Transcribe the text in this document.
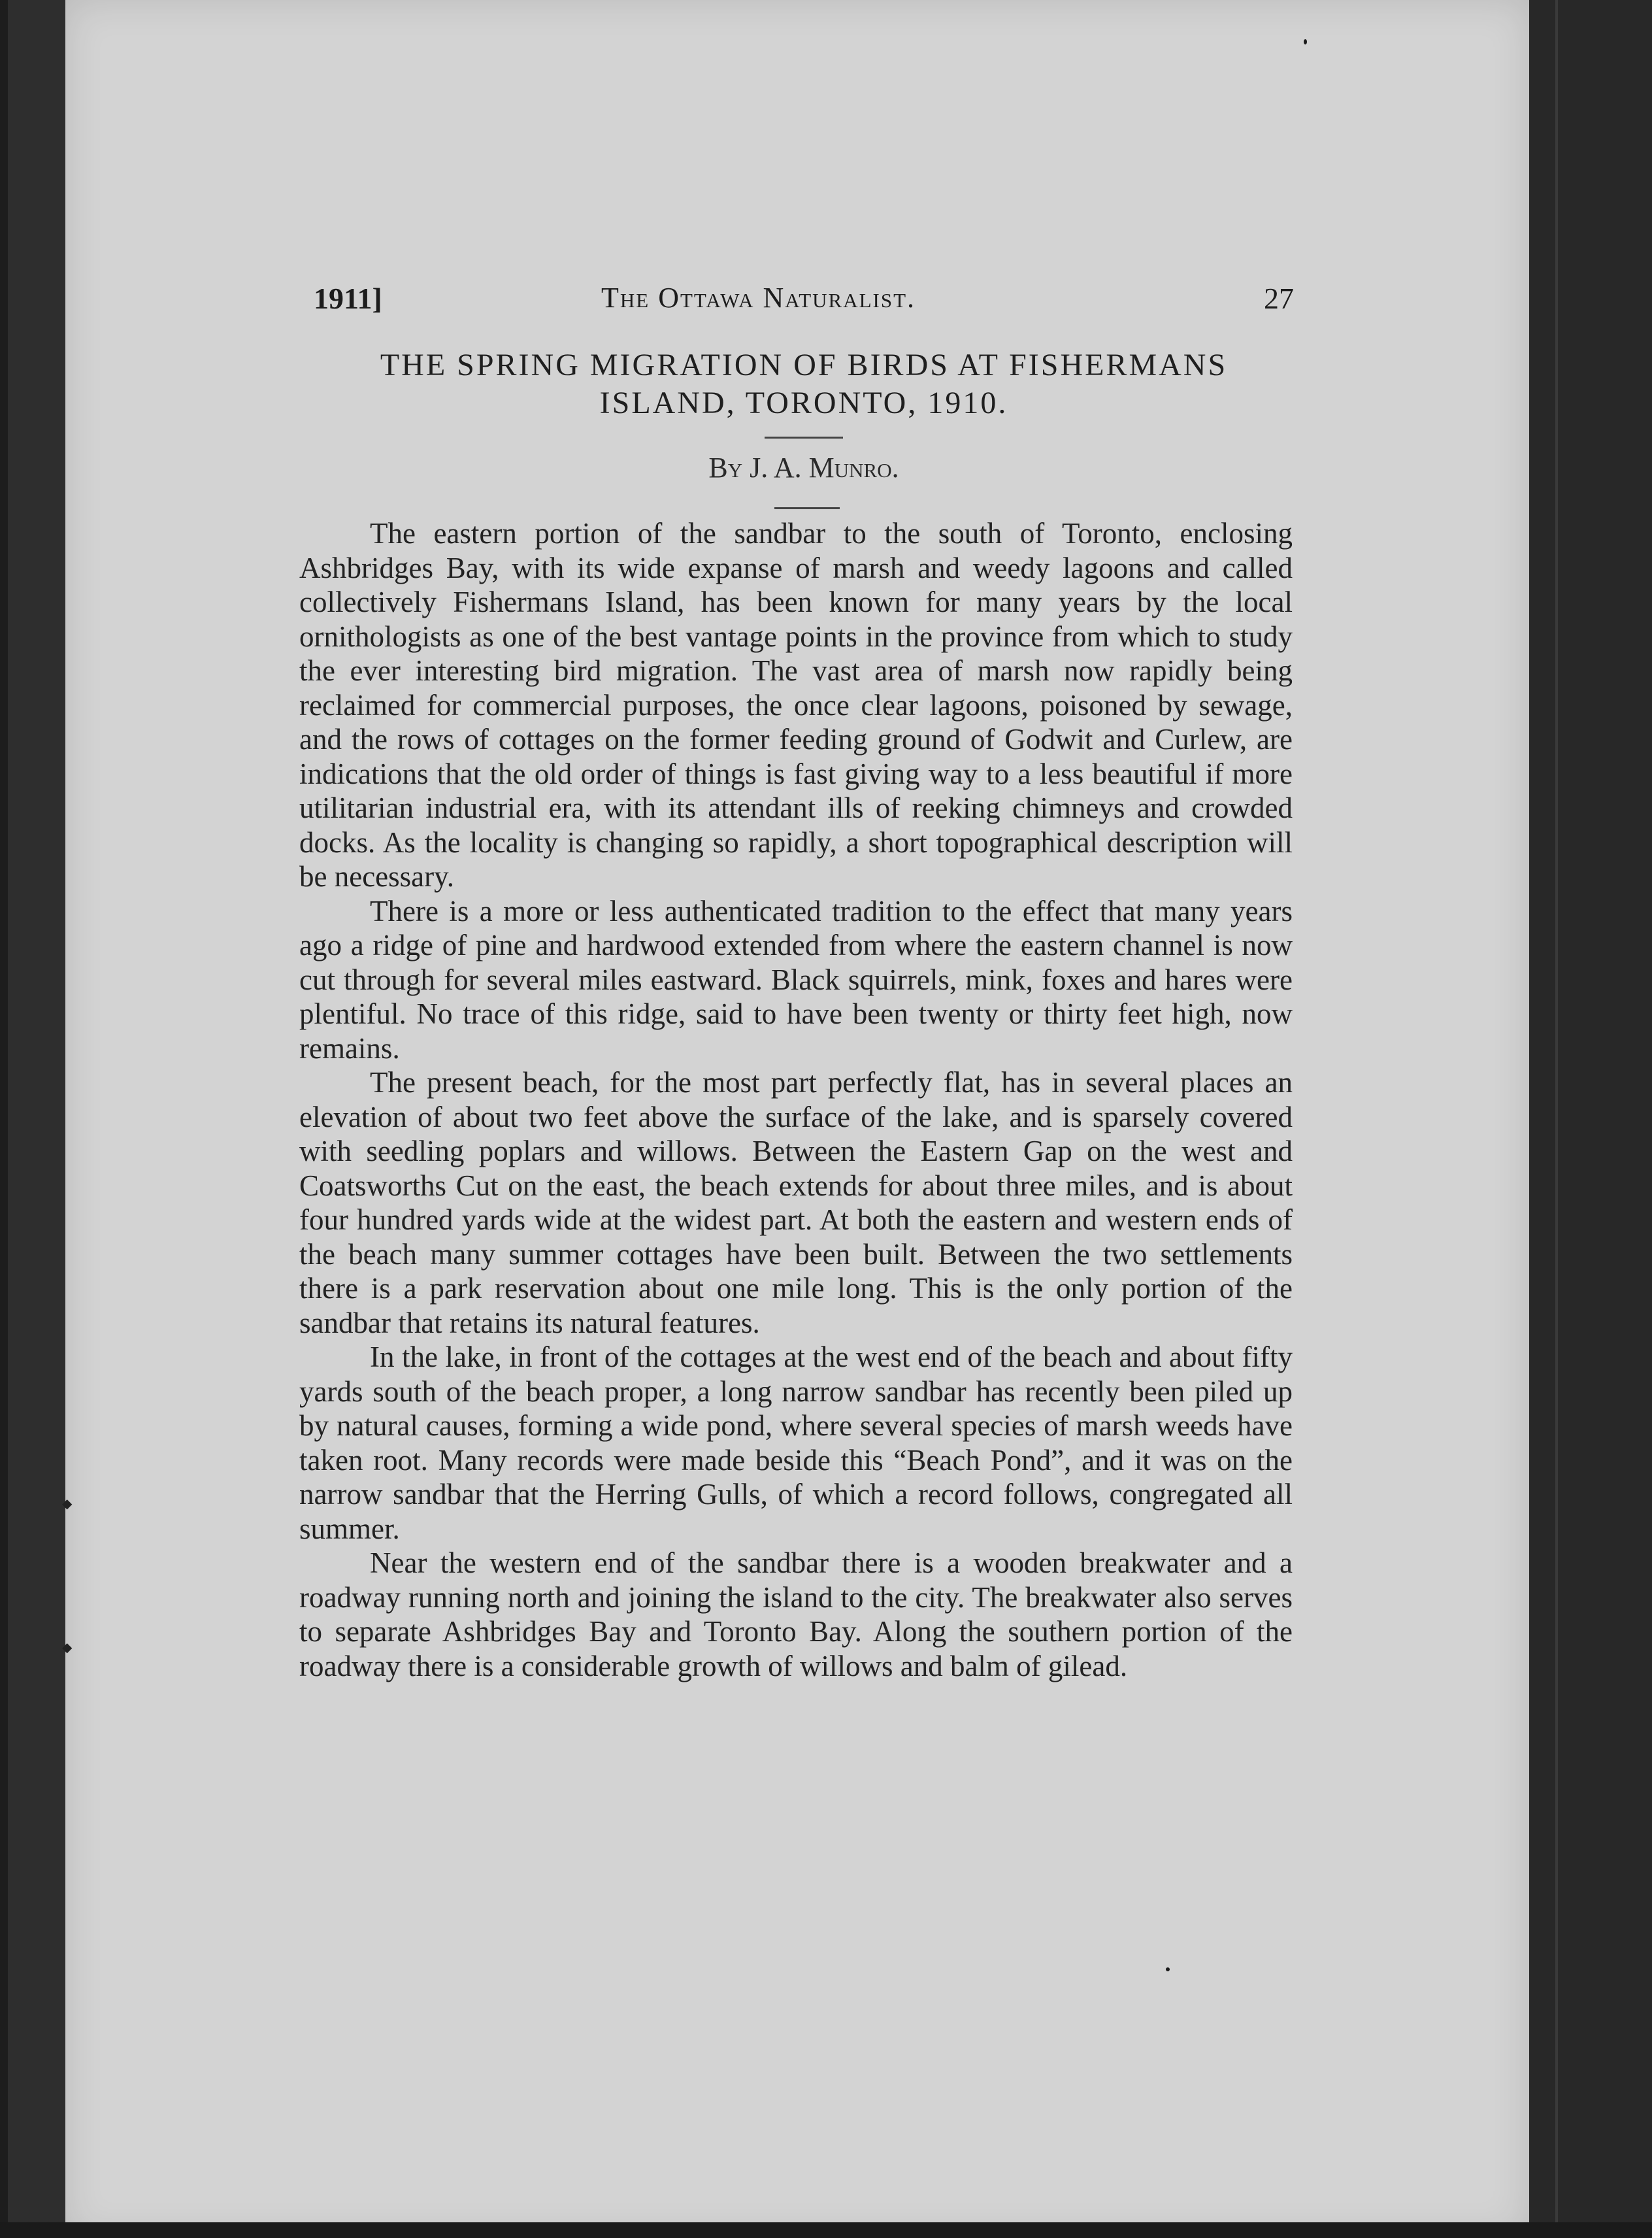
◆
◆
1911]	The Ottawa Naturalist.	27
THE SPRING MIGRATION OF BIRDS AT FISHERMANS
ISLAND, TORONTO, 1910.
By J. A. Munro.

The eastern portion of the sandbar to the south of Toronto, enclosing Ashbridges Bay, with its wide expanse of marsh and weedy lagoons and called collectively Fishermans Island, has been known for many years by the local ornithologists as one of the best vantage points in the province from which to study the ever interesting bird migration. The vast area of marsh now rapidly being reclaimed for commercial purposes, the once clear lagoons, poisoned by sewage, and the rows of cottages on the former feeding ground of Godwit and Curlew, are indications that the old order of things is fast giving way to a less beautiful if more utilitarian industrial era, with its attendant ills of reeking chimneys and crowded docks. As the locality is changing so rapidly, a short topographical description will be necessary.

There is a more or less authenticated tradition to the effect that many years ago a ridge of pine and hardwood extended from where the eastern channel is now cut through for several miles eastward. Black squirrels, mink, foxes and hares were plentiful. No trace of this ridge, said to have been twenty or thirty feet high, now remains.

The present beach, for the most part perfectly flat, has in several places an elevation of about two feet above the surface of the lake, and is sparsely covered with seedling poplars and willows. Between the Eastern Gap on the west and Coatsworths Cut on the east, the beach extends for about three miles, and is about four hundred yards wide at the widest part. At both the eastern and western ends of the beach many summer cottages have been built. Between the two settlements there is a park reservation about one mile long. This is the only portion of the sandbar that retains its natural features.

In the lake, in front of the cottages at the west end of the beach and about fifty yards south of the beach proper, a long narrow sandbar has recently been piled up by natural causes, forming a wide pond, where several species of marsh weeds have taken root. Many records were made beside this “Beach Pond”, and it was on the narrow sandbar that the Herring Gulls, of which a record follows, congregated all summer.

Near the western end of the sandbar there is a wooden breakwater and a roadway running north and joining the island to the city. The breakwater also serves to separate Ashbridges Bay and Toronto Bay. Along the southern portion of the roadway there is a considerable growth of willows and balm of gilead.
